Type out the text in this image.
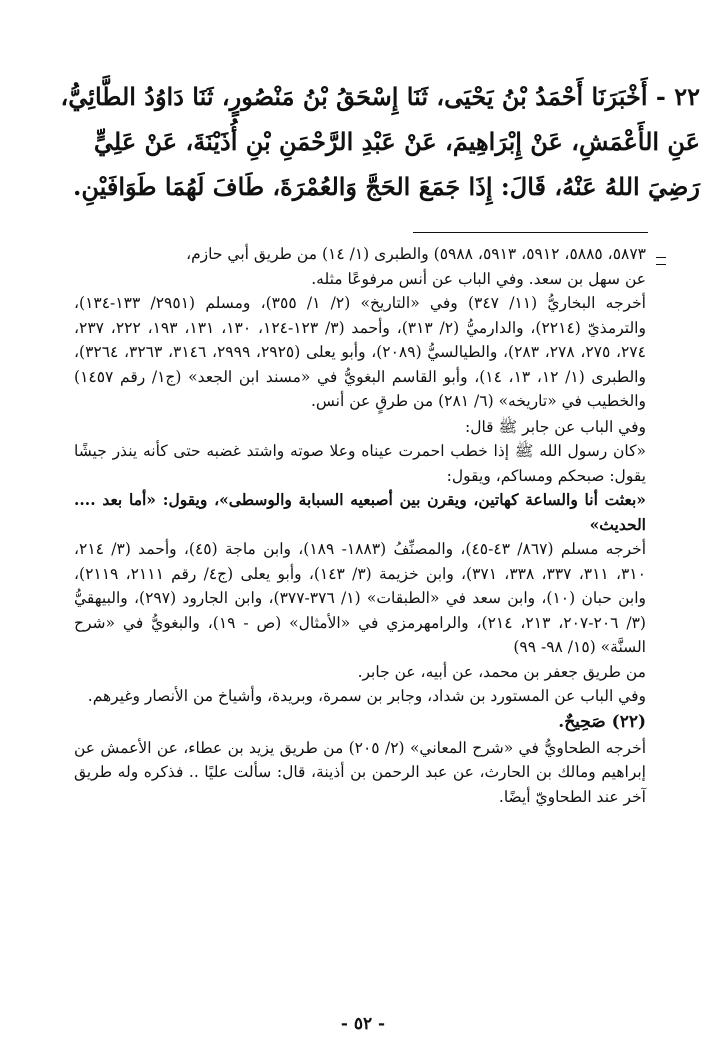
٢٢ - أَخْبَرَنَا أَحْمَدُ بْنُ يَحْيَى، ثَنَا إِسْحَقُ بْنُ مَنْصُورٍ، ثَنَا دَاوُدُ الطَّائِيُّ، عَنِ الأَعْمَشِ، عَنْ إِبْرَاهِيمَ، عَنْ عَبْدِ الرَّحْمَنِ بْنِ أُذَيْنَةَ، عَنْ عَلِيٍّ رَضِيَ اللهُ عَنْهُ، قَالَ: إِذَا جَمَعَ الحَجَّ وَالعُمْرَةَ، طَافَ لَهُمَا طَوَافَيْنِ.

٥٨٧٣، ٥٨٨٥، ٥٩١٢، ٥٩١٣، ٥٩٨٨) والطبرى (١/ ١٤) من طريق أبي حازم،

عن سهل بن سعد. وفي الباب عن أنس مرفوعًا مثله.

أخرجه البخاريُّ (١١/ ٣٤٧) وفي «التاريخ» (٢/ ١/ ٣٥٥)، ومسلم (٢٩٥١/ ١٣٣-١٣٤)، والترمذيّ (٢٢١٤)، والدارميُّ (٢/ ٣١٣)، وأحمد (٣/ ١٢٣-١٢٤، ١٣٠، ١٣١، ١٩٣، ٢٢٢، ٢٣٧، ٢٧٤، ٢٧٥، ٢٧٨، ٢٨٣)، والطيالسيُّ (٢٠٨٩)، وأبو يعلى (٢٩٢٥، ٢٩٩٩، ٣١٤٦، ٣٢٦٣، ٣٢٦٤)، والطبرى (١/ ١٢، ١٣، ١٤)، وأبو القاسم البغويُّ في «مسند ابن الجعد» (ج١/ رقم ١٤٥٧) والخطيب في «تاريخه» (٦/ ٢٨١) من طرقٍ عن أنس.

وفي الباب عن جابر ﷺ قال:

«كان رسول الله ﷺ إذا خطب احمرت عيناه وعلا صوته واشتد غضبه حتى كأنه ينذر جيشًا يقول: صبحكم ومساكم، ويقول:

«بعثت أنا والساعة كهاتين، ويقرن بين أصبعيه السبابة والوسطى»، ويقول: «أما بعد .... الحديث»

أخرجه مسلم (٨٦٧/ ٤٣-٤٥)، والمصنِّفُ (١٨٨٣- ١٨٩)، وابن ماجة (٤٥)، وأحمد (٣/ ٢١٤، ٣١٠، ٣١١، ٣٣٧، ٣٣٨، ٣٧١)، وابن خزيمة (٣/ ١٤٣)، وأبو يعلى (ج٤/ رقم ٢١١١، ٢١١٩)، وابن حبان (١٠)، وابن سعد في «الطبقات» (١/ ٣٧٦-٣٧٧)، وابن الجارود (٢٩٧)، والبيهقيُّ (٣/ ٢٠٦-٢٠٧، ٢١٣، ٢١٤)، والرامهرمزي في «الأمثال» (ص - ١٩)، والبغويُّ في «شرح السنَّة» (١٥/ ٩٨- ٩٩)

من طريق جعفر بن محمد، عن أبيه، عن جابر.

وفي الباب عن المستورد بن شداد، وجابر بن سمرة، وبريدة، وأشياخ من الأنصار وغيرهم.

(٢٢) صَحِيحٌ.

أخرجه الطحاويُّ في «شرح المعاني» (٢/ ٢٠٥) من طريق يزيد بن عطاء، عن الأعمش عن إبراهيم ومالك بن الحارث، عن عبد الرحمن بن أذينة، قال: سألت عليًا .. فذكره وله طريق آخر عند الطحاويّ أيضًا.

- ٥٢ -
